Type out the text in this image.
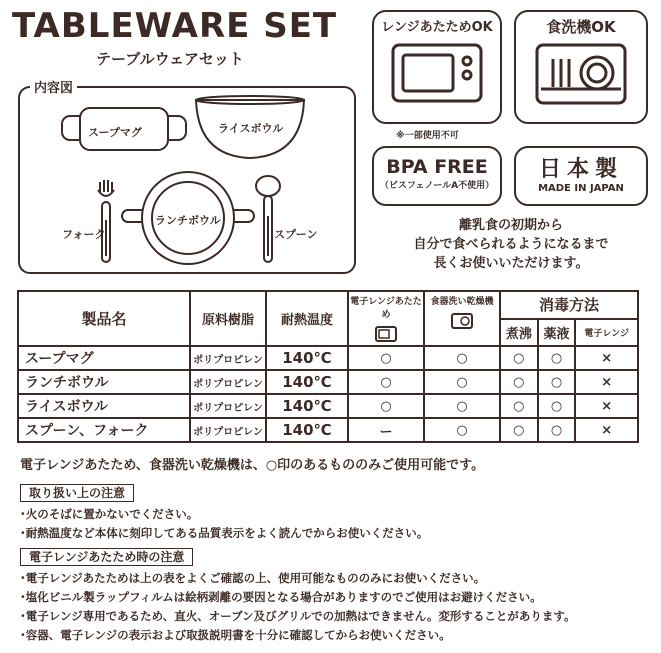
TABLEWARE SET
テーブルウェアセット
内容図
スープマグ	ライスボウル
フォーク
ランチボウル
スプーン
レンジあたためOK
※一部使用不可
食洗機OK
BPA FREE
（ビスフェノールA不使用）
日本製
MADE IN JAPAN
離乳食の初期から
自分で食べられるようになるまで
長くお使いいただけます。
製品名	原料樹脂	耐熱温度	電子レンジあたため	食器洗い乾燥機	消毒方法		
					煮沸	薬液	電子レンジ
スープマグ	ポリプロピレン	140℃	○	○	○	○	×
ランチボウル	ポリプロピレン	140℃	○	○	○	○	×
ライスボウル	ポリプロピレン	140℃	○	○	○	○	×
スプーン、フォーク	ポリプロピレン	140℃	ー	○	○	○	×
電子レンジあたため、食器洗い乾燥機は、○印のあるもののみご使用可能です。
取り扱い上の注意
･火のそばに置かないでください。
･耐熱温度など本体に刻印してある品質表示をよく読んでからお使いください。
電子レンジあたため時の注意
･電子レンジあたためは上の表をよくご確認の上、使用可能なもののみにお使いください。
･塩化ビニル製ラップフィルムは絵柄剥離の要因となる場合がありますのでご使用はお避けください。
･電子レンジ専用であるため、直火、オーブン及びグリルでの加熱はできません。変形することがあります。
･容器、電子レンジの表示および取扱説明書を十分に確認してからお使いください。
